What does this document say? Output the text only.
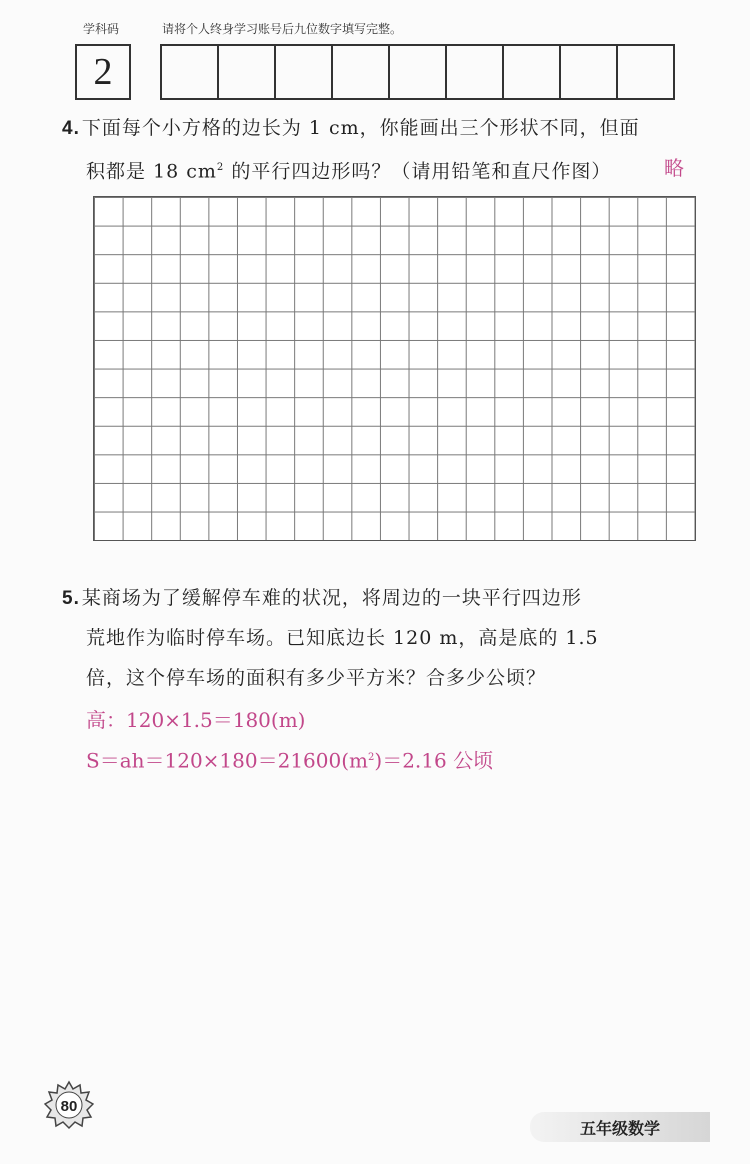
学科码	请将个人终身学习账号后九位数字填写完整。
2
4. 下面每个小方格的边长为 1 cm，你能画出三个形状不同，但面
积都是 18 $cm^2$ 的平行四边形吗？（请用铅笔和直尺作图）	略
5. 某商场为了缓解停车难的状况，将周边的一块平行四边形
荒地作为临时停车场。已知底边长 120 m，高是底的 1.5
倍，这个停车场的面积有多少平方米？合多少公顷？
高：120×1.5＝180(m)
$S=ah=120\times 180=21600(m^2)=2.16$ 公顷
80
五年级数学
